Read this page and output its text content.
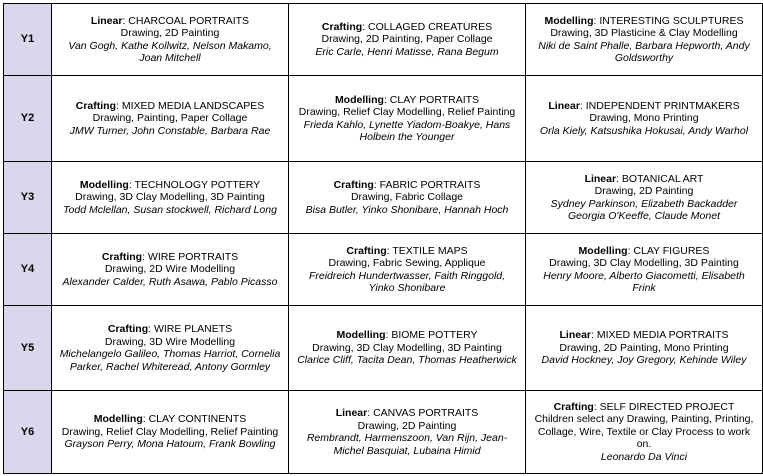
Y1	Linear: CHARCOAL PORTRAITS
Drawing, 2D Painting
Van Gogh, Kathe Kollwitz, Nelson Makamo, Joan Mitchell	Crafting: COLLAGED CREATURES
Drawing, 2D Painting, Paper Collage
Eric Carle, Henri Matisse, Rana Begum	Modelling: INTERESTING SCULPTURES
Drawing, 3D Plasticine & Clay Modelling
Niki de Saint Phalle, Barbara Hepworth, Andy Goldsworthy

Y2	Crafting: MIXED MEDIA LANDSCAPES
Drawing, Painting, Paper Collage
JMW Turner, John Constable, Barbara Rae	Modelling: CLAY PORTRAITS
Drawing, Relief Clay Modelling, Relief Painting
Frieda Kahlo, Lynette Yiadom-Boakye, Hans Holbein the Younger	Linear: INDEPENDENT PRINTMAKERS
Drawing, Mono Printing
Orla Kiely, Katsushika Hokusai, Andy Warhol

Y3	Modelling: TECHNOLOGY POTTERY
Drawing, 3D Clay Modelling, 3D Painting
Todd Mclellan, Susan stockwell, Richard Long	Crafting: FABRIC PORTRAITS
Drawing, Fabric Collage
Bisa Butler, Yinko Shonibare, Hannah Hoch	Linear: BOTANICAL ART
Drawing, 2D Painting
Sydney Parkinson, Elizabeth Backadder Georgia O'Keeffe, Claude Monet

Y4	Crafting: WIRE PORTRAITS
Drawing, 2D Wire Modelling
Alexander Calder, Ruth Asawa, Pablo Picasso	Crafting: TEXTILE MAPS
Drawing, Fabric Sewing, Applique
Freidreich Hundertwasser, Faith Ringgold, Yinko Shonibare	Modelling: CLAY FIGURES
Drawing, 3D Clay Modelling, 3D Painting
Henry Moore, Alberto Giacometti, Elisabeth Frink

Y5	Crafting: WIRE PLANETS
Drawing, 3D Wire Modelling
Michelangelo Galileo, Thomas Harriot, Cornelia Parker, Rachel Whiteread, Antony Gormley	Modelling: BIOME POTTERY
Drawing, 3D Clay Modelling, 3D Painting
Clarice Cliff, Tacita Dean, Thomas Heatherwick	Linear: MIXED MEDIA PORTRAITS
Drawing, 2D Painting, Mono Printing
David Hockney, Joy Gregory, Kehinde Wiley

Y6	Modelling: CLAY CONTINENTS
Drawing, Relief Clay Modelling, Relief Painting
Grayson Perry, Mona Hatoum, Frank Bowling	Linear: CANVAS PORTRAITS
Drawing, 2D Painting
Rembrandt, Harmenszoon, Van Rijn, Jean-Michel Basquiat, Lubaina Himid	Crafting: SELF DIRECTED PROJECT
Children select any Drawing, Painting, Printing, Collage, Wire, Textile or Clay Process to work on.
Leonardo Da Vinci
